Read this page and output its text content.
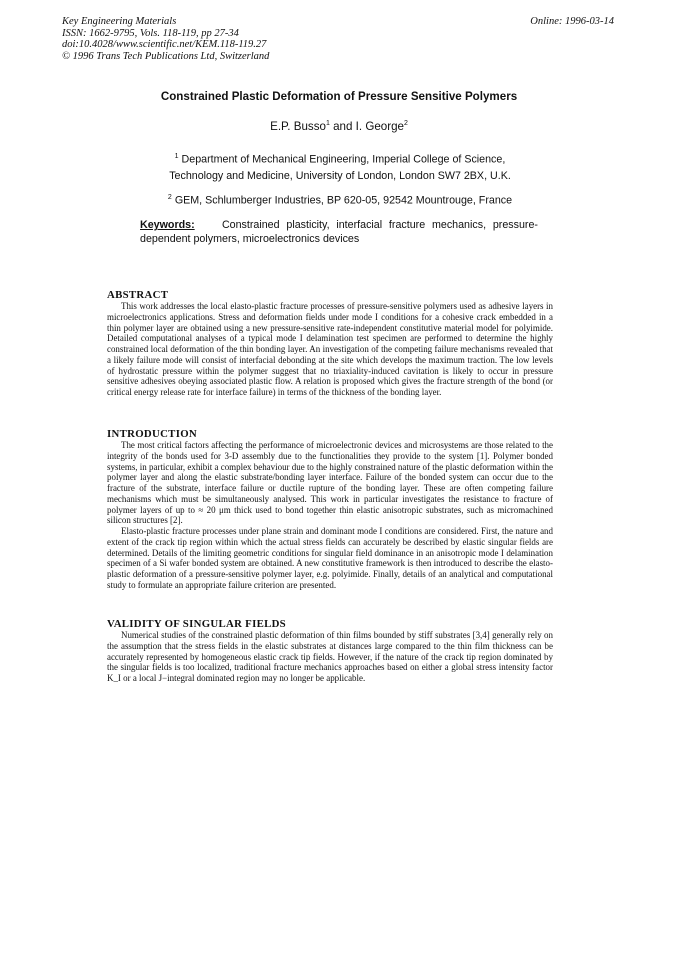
Key Engineering Materials
ISSN: 1662-9795, Vols. 118-119, pp 27-34
doi:10.4028/www.scientific.net/KEM.118-119.27
© 1996 Trans Tech Publications Ltd, Switzerland
Online: 1996-03-14
Constrained Plastic Deformation of Pressure Sensitive Polymers
E.P. Busso$^1$ and I. George$^2$
$^1$ Department of Mechanical Engineering, Imperial College of Science,
Technology and Medicine, University of London, London SW7 2BX, U.K.
$^2$ GEM, Schlumberger Industries, BP 620-05, 92542 Mountrouge, France
Keywords:	Constrained plasticity, interfacial fracture mechanics, pressure-dependent polymers, microelectronics devices
ABSTRACT

This work addresses the local elasto-plastic fracture processes of pressure-sensitive polymers used as adhesive layers in microelectronics applications. Stress and deformation fields under mode I conditions for a cohesive crack embedded in a thin polymer layer are obtained using a new pressure-sensitive rate-independent constitutive material model for polyimide. Detailed computational analyses of a typical mode I delamination test specimen are performed to determine the highly constrained local deformation of the thin bonding layer. An investigation of the competing failure mechanisms revealed that a likely failure mode will consist of interfacial debonding at the site which develops the maximum traction. The low levels of hydrostatic pressure within the polymer suggest that no triaxiality-induced cavitation is likely to occur in pressure sensitive adhesives obeying associated plastic flow. A relation is proposed which gives the fracture strength of the bond (or critical energy release rate for interface failure) in terms of the thickness of the bonding layer.

INTRODUCTION

The most critical factors affecting the performance of microelectronic devices and microsystems are those related to the integrity of the bonds used for 3-D assembly due to the functionalities they provide to the system [1]. Polymer bonded systems, in particular, exhibit a complex behaviour due to the highly constrained nature of the plastic deformation within the polymer layer and along the elastic substrate/bonding layer interface. Failure of the bonded system can occur due to the fracture of the substrate, interface failure or ductile rupture of the bonding layer. These are often competing failure mechanisms which must be simultaneously analysed. This work in particular investigates the resistance to fracture of polymer layers of up to ≈ 20 μm thick used to bond together thin elastic anisotropic substrates, such as micromachined silicon structures [2].

Elasto-plastic fracture processes under plane strain and dominant mode I conditions are considered. First, the nature and extent of the crack tip region within which the actual stress fields can accurately be described by elastic singular fields are determined. Details of the limiting geometric conditions for singular field dominance in an anisotropic mode I delamination specimen of a Si wafer bonded system are obtained. A new constitutive framework is then introduced to describe the elasto-plastic deformation of a pressure-sensitive polymer layer, e.g. polyimide. Finally, details of an analytical and computational study to formulate an appropriate failure criterion are presented.

VALIDITY OF SINGULAR FIELDS

Numerical studies of the constrained plastic deformation of thin films bounded by stiff substrates [3,4] generally rely on the assumption that the stress fields in the elastic substrates at distances large compared to the thin film thickness can be accurately represented by homogeneous elastic crack tip fields. However, if the nature of the crack tip region dominated by the singular fields is too localized, traditional fracture mechanics approaches based on either a global stress intensity factor K_I or a local J−integral dominated region may no longer be applicable.
